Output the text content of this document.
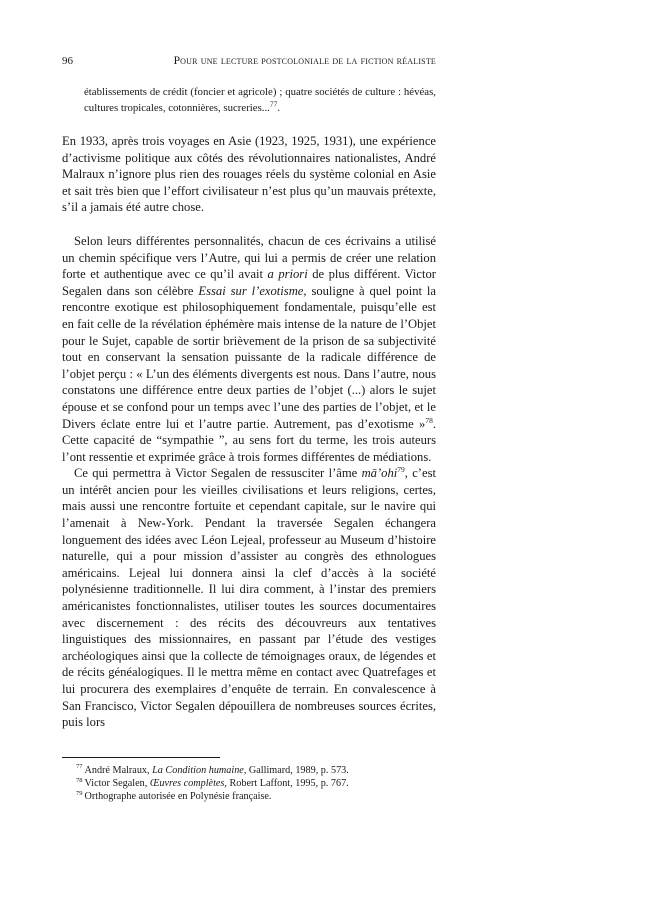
96	Pour une lecture postcoloniale de la fiction réaliste
établissements de crédit (foncier et agricole) ; quatre sociétés de culture : hévéas, cultures tropicales, cotonnières, sucreries...$^{77}$.

En 1933, après trois voyages en Asie (1923, 1925, 1931), une expérience d’activisme politique aux côtés des révolutionnaires nationalistes, André Malraux n’ignore plus rien des rouages réels du système colonial en Asie et sait très bien que l’effort civilisateur n’est plus qu’un mauvais prétexte, s’il a jamais été autre chose.

Selon leurs différentes personnalités, chacun de ces écrivains a utilisé un chemin spécifique vers l’Autre, qui lui a permis de créer une relation forte et authentique avec ce qu’il avait a priori de plus différent. Victor Segalen dans son célèbre Essai sur l’exotisme, souligne à quel point la rencontre exotique est philosophiquement fondamentale, puisqu’elle est en fait celle de la révélation éphémère mais intense de la nature de l’Objet pour le Sujet, capable de sortir brièvement de la prison de sa subjectivité tout en conservant la sensation puissante de la radicale différence de l’objet perçu : « L’un des éléments divergents est nous. Dans l’autre, nous constatons une différence entre deux parties de l’objet (...) alors le sujet épouse et se confond pour un temps avec l’une des parties de l’objet, et le Divers éclate entre lui et l’autre partie. Autrement, pas d’exotisme »$^{78}$. Cette capacité de “sympathie ”, au sens fort du terme, les trois auteurs l’ont ressentie et exprimée grâce à trois formes différentes de médiations.

Ce qui permettra à Victor Segalen de ressusciter l’âme mā’ohi$^{79}$, c’est un intérêt ancien pour les vieilles civilisations et leurs religions, certes, mais aussi une rencontre fortuite et cependant capitale, sur le navire qui l’amenait à New-York. Pendant la traversée Segalen échangera longuement des idées avec Léon Lejeal, professeur au Museum d’histoire naturelle, qui a pour mission d’assister au congrès des ethnologues américains. Lejeal lui donnera ainsi la clef d’accès à la société polynésienne traditionnelle. Il lui dira comment, à l’instar des premiers américanistes fonctionnalistes, utiliser toutes les sources documentaires avec discernement : des récits des découvreurs aux tentatives linguistiques des missionnaires, en passant par l’étude des vestiges archéologiques ainsi que la collecte de témoignages oraux, de légendes et de récits généalogiques. Il le mettra même en contact avec Quatrefages et lui procurera des exemplaires d’enquête de terrain. En convalescence à San Francisco, Victor Segalen dépouillera de nombreuses sources écrites, puis lors

$^{77}$ André Malraux, La Condition humaine, Gallimard, 1989, p. 573.
$^{78}$ Victor Segalen, Œuvres complètes, Robert Laffont, 1995, p. 767.
$^{79}$ Orthographe autorisée en Polynésie française.
